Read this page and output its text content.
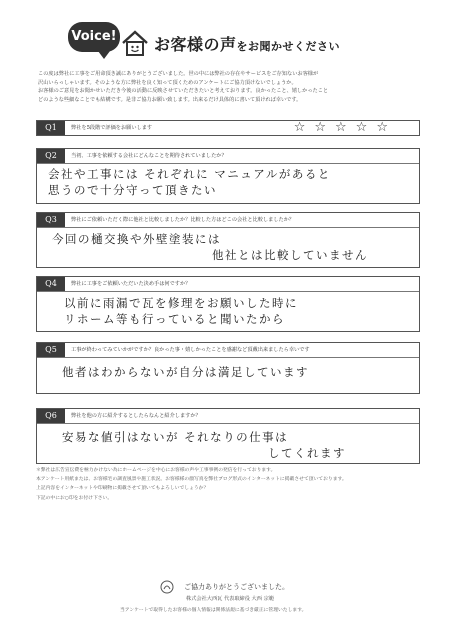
Voice! お客様の声をお聞かせください
この度は弊社に工事をご用命頂き誠にありがとうございました。世の中には弊社の存在やサービスをご存知ないお客様が
沢山いらっしゃいます。そのような方に弊社を良く知って頂くためのアンケートにご協力頂けないでしょうか。
お客様のご意見をお聞かせいただき今後の活動に反映させていただきたいと考えております。良かったこと、嬉しかったこと
どのような些細なことでも結構です。是非ご協力お願い致します。出来るだけ具体的に書いて頂ければ幸いです。
Q1	弊社を5段階で評価をお願いします	☆☆☆☆☆
Q2	当初、工事を依頼する会社にどんなことを期待されていましたか？
会社や工事には それぞれに マニュアルがあると
思うので十分守って頂きたい
Q3	弊社にご依頼いただく際に他社と比較しましたか？比較した方はどこの会社と比較しましたか？
今回の樋交換や外壁塗装には
他社とは比較していません
Q4	弊社に工事をご依頼いただいた決め手は何ですか？
以前に雨漏で瓦を修理をお願いした時に
リホーム等も行っていると聞いたから
Q5	工事が終わってみていかがですか？良かった事・嬉しかったことを感謝など頂戴出来ましたら幸いです
他者はわからないが自分は満足しています
Q6	弊社を他の方に紹介するとしたらなんと紹介しますか？
安易な値引はないが それなりの仕事は
してくれます
＊弊社は広告宣伝費を極力かけない為にホームページを中心にお客様の声や工事事例の発信を行っております。
本アンケート用紙または、お客様宅の調査風景や施工状況、お客様様の顔写真を弊社ブログ形式のインターネットに掲載させて頂いております。
上記内容をインターネットや印刷物に掲載させて頂いてもよろしいでしょうか？
下記の中にお○印をお付け下さい。
ご協力ありがとうございました。
株式会社大西瓦 代表取締役 大西 宗範
当アンケートで取得したお客様の個人情報は関係法規に基づき厳正に管理いたします。
